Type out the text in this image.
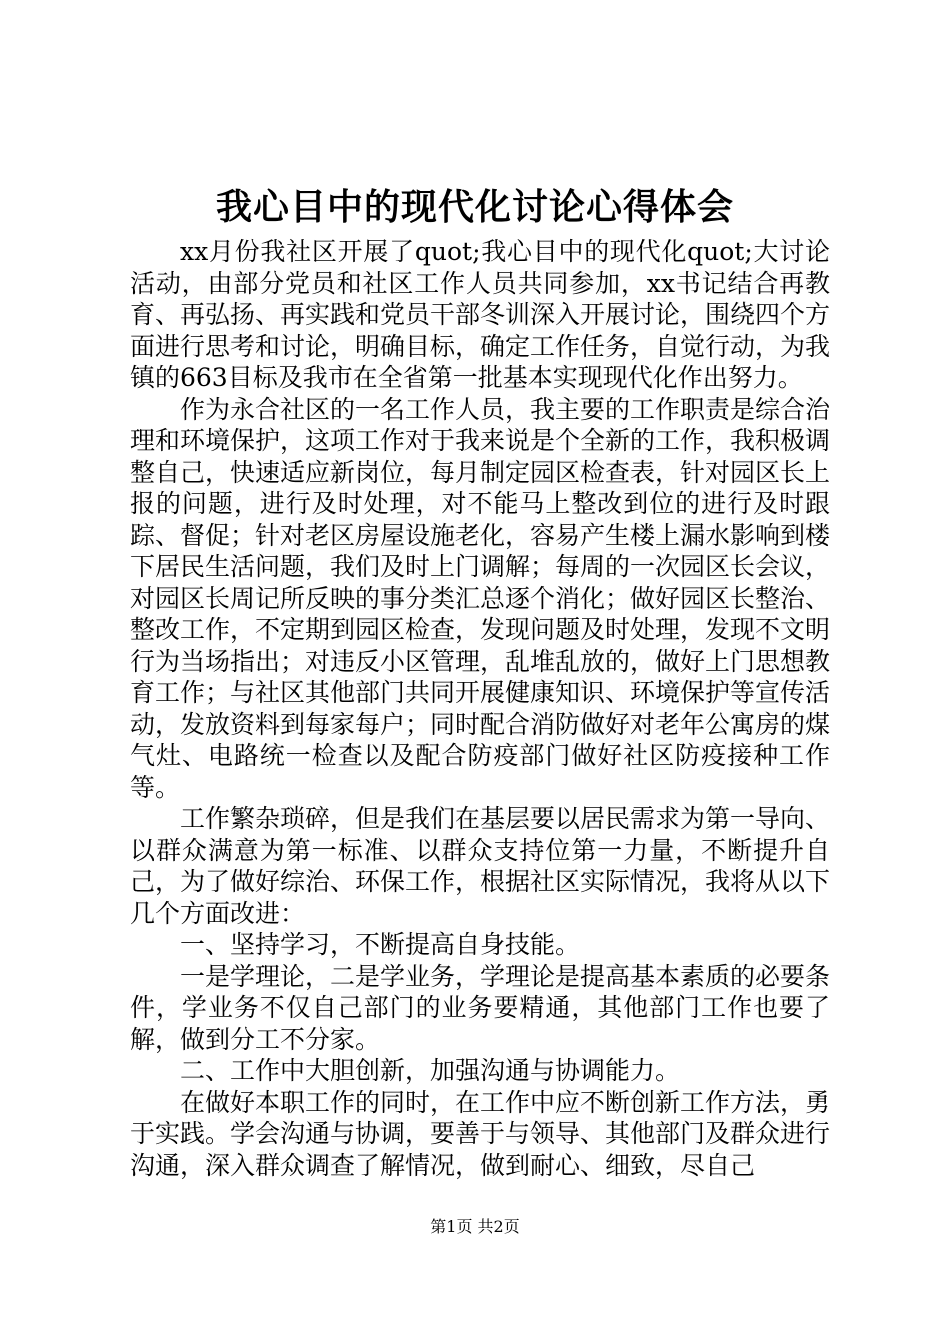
我心目中的现代化讨论心得体会

xx月份我社区开展了quot;我心目中的现代化quot;大讨论活动，由部分党员和社区工作人员共同参加，xx书记结合再教育、再弘扬、再实践和党员干部冬训深入开展讨论，围绕四个方面进行思考和讨论，明确目标，确定工作任务，自觉行动，为我镇的663目标及我市在全省第一批基本实现现代化作出努力。

作为永合社区的一名工作人员，我主要的工作职责是综合治理和环境保护，这项工作对于我来说是个全新的工作，我积极调整自己，快速适应新岗位，每月制定园区检查表，针对园区长上报的问题，进行及时处理，对不能马上整改到位的进行及时跟踪、督促；针对老区房屋设施老化，容易产生楼上漏水影响到楼下居民生活问题，我们及时上门调解；每周的一次园区长会议，对园区长周记所反映的事分类汇总逐个消化；做好园区长整治、整改工作，不定期到园区检查，发现问题及时处理，发现不文明行为当场指出；对违反小区管理，乱堆乱放的，做好上门思想教育工作；与社区其他部门共同开展健康知识、环境保护等宣传活动，发放资料到每家每户；同时配合消防做好对老年公寓房的煤气灶、电路统一检查以及配合防疫部门做好社区防疫接种工作等。

工作繁杂琐碎，但是我们在基层要以居民需求为第一导向、以群众满意为第一标准、以群众支持位第一力量，不断提升自己，为了做好综治、环保工作，根据社区实际情况，我将从以下几个方面改进：

一、坚持学习，不断提高自身技能。

一是学理论，二是学业务，学理论是提高基本素质的必要条件，学业务不仅自己部门的业务要精通，其他部门工作也要了解，做到分工不分家。

二、工作中大胆创新，加强沟通与协调能力。

在做好本职工作的同时，在工作中应不断创新工作方法，勇于实践。学会沟通与协调，要善于与领导、其他部门及群众进行沟通，深入群众调查了解情况，做到耐心、细致，尽自己

第1页 共2页
